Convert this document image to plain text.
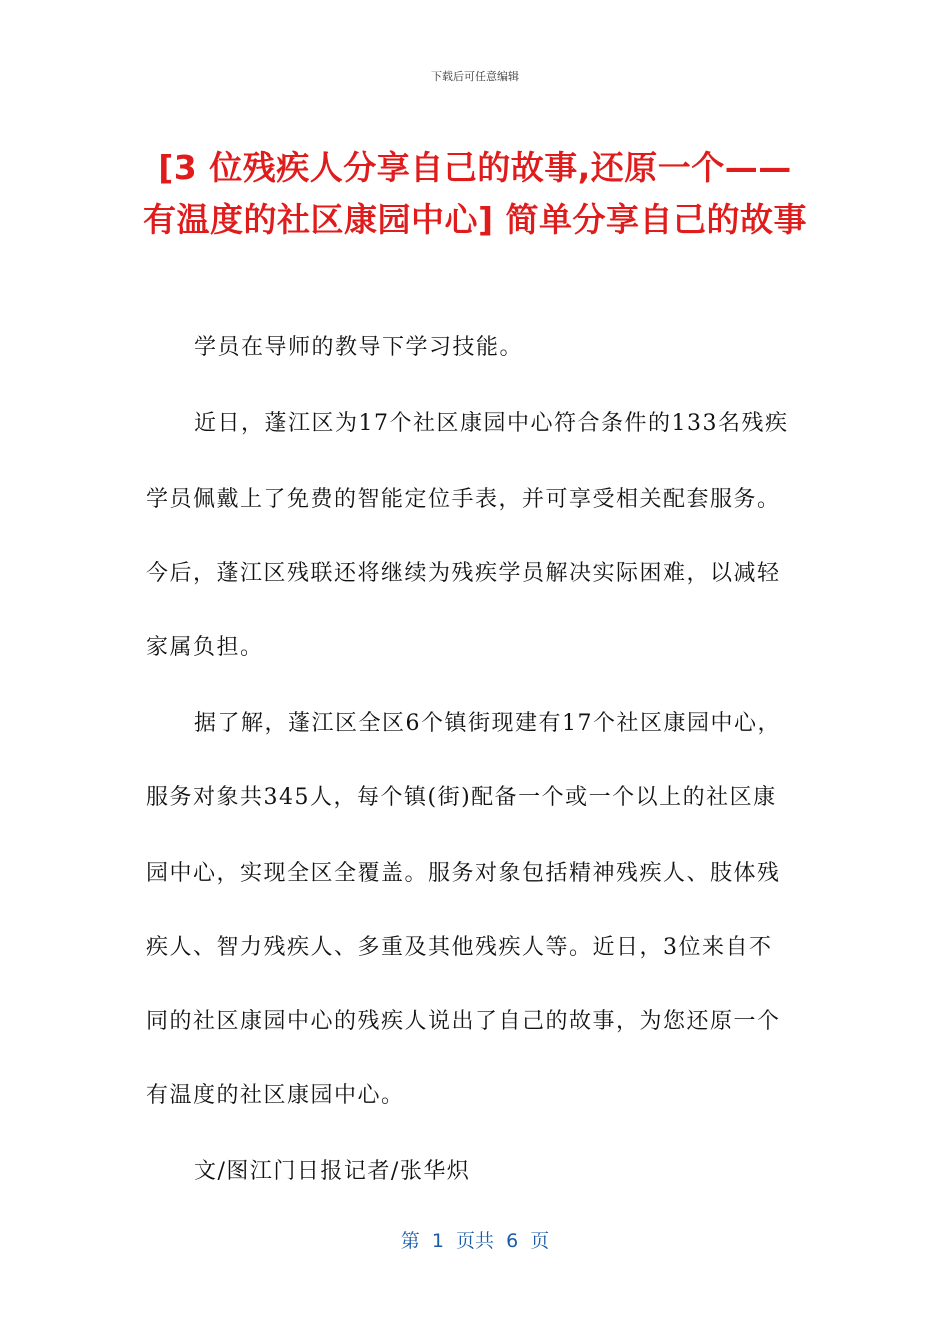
下载后可任意编辑
[3 位残疾人分享自己的故事,还原一个——
有温度的社区康园中心] 简单分享自己的故事
学员在导师的教导下学习技能。
近日，蓬江区为17个社区康园中心符合条件的133名残疾
学员佩戴上了免费的智能定位手表，并可享受相关配套服务。
今后，蓬江区残联还将继续为残疾学员解决实际困难，以减轻
家属负担。
据了解，蓬江区全区6个镇街现建有17个社区康园中心，
服务对象共345人，每个镇(街)配备一个或一个以上的社区康
园中心，实现全区全覆盖。服务对象包括精神残疾人、肢体残
疾人、智力残疾人、多重及其他残疾人等。近日，3位来自不
同的社区康园中心的残疾人说出了自己的故事，为您还原一个
有温度的社区康园中心。
文/图江门日报记者/张华炽
第  1  页共  6  页
